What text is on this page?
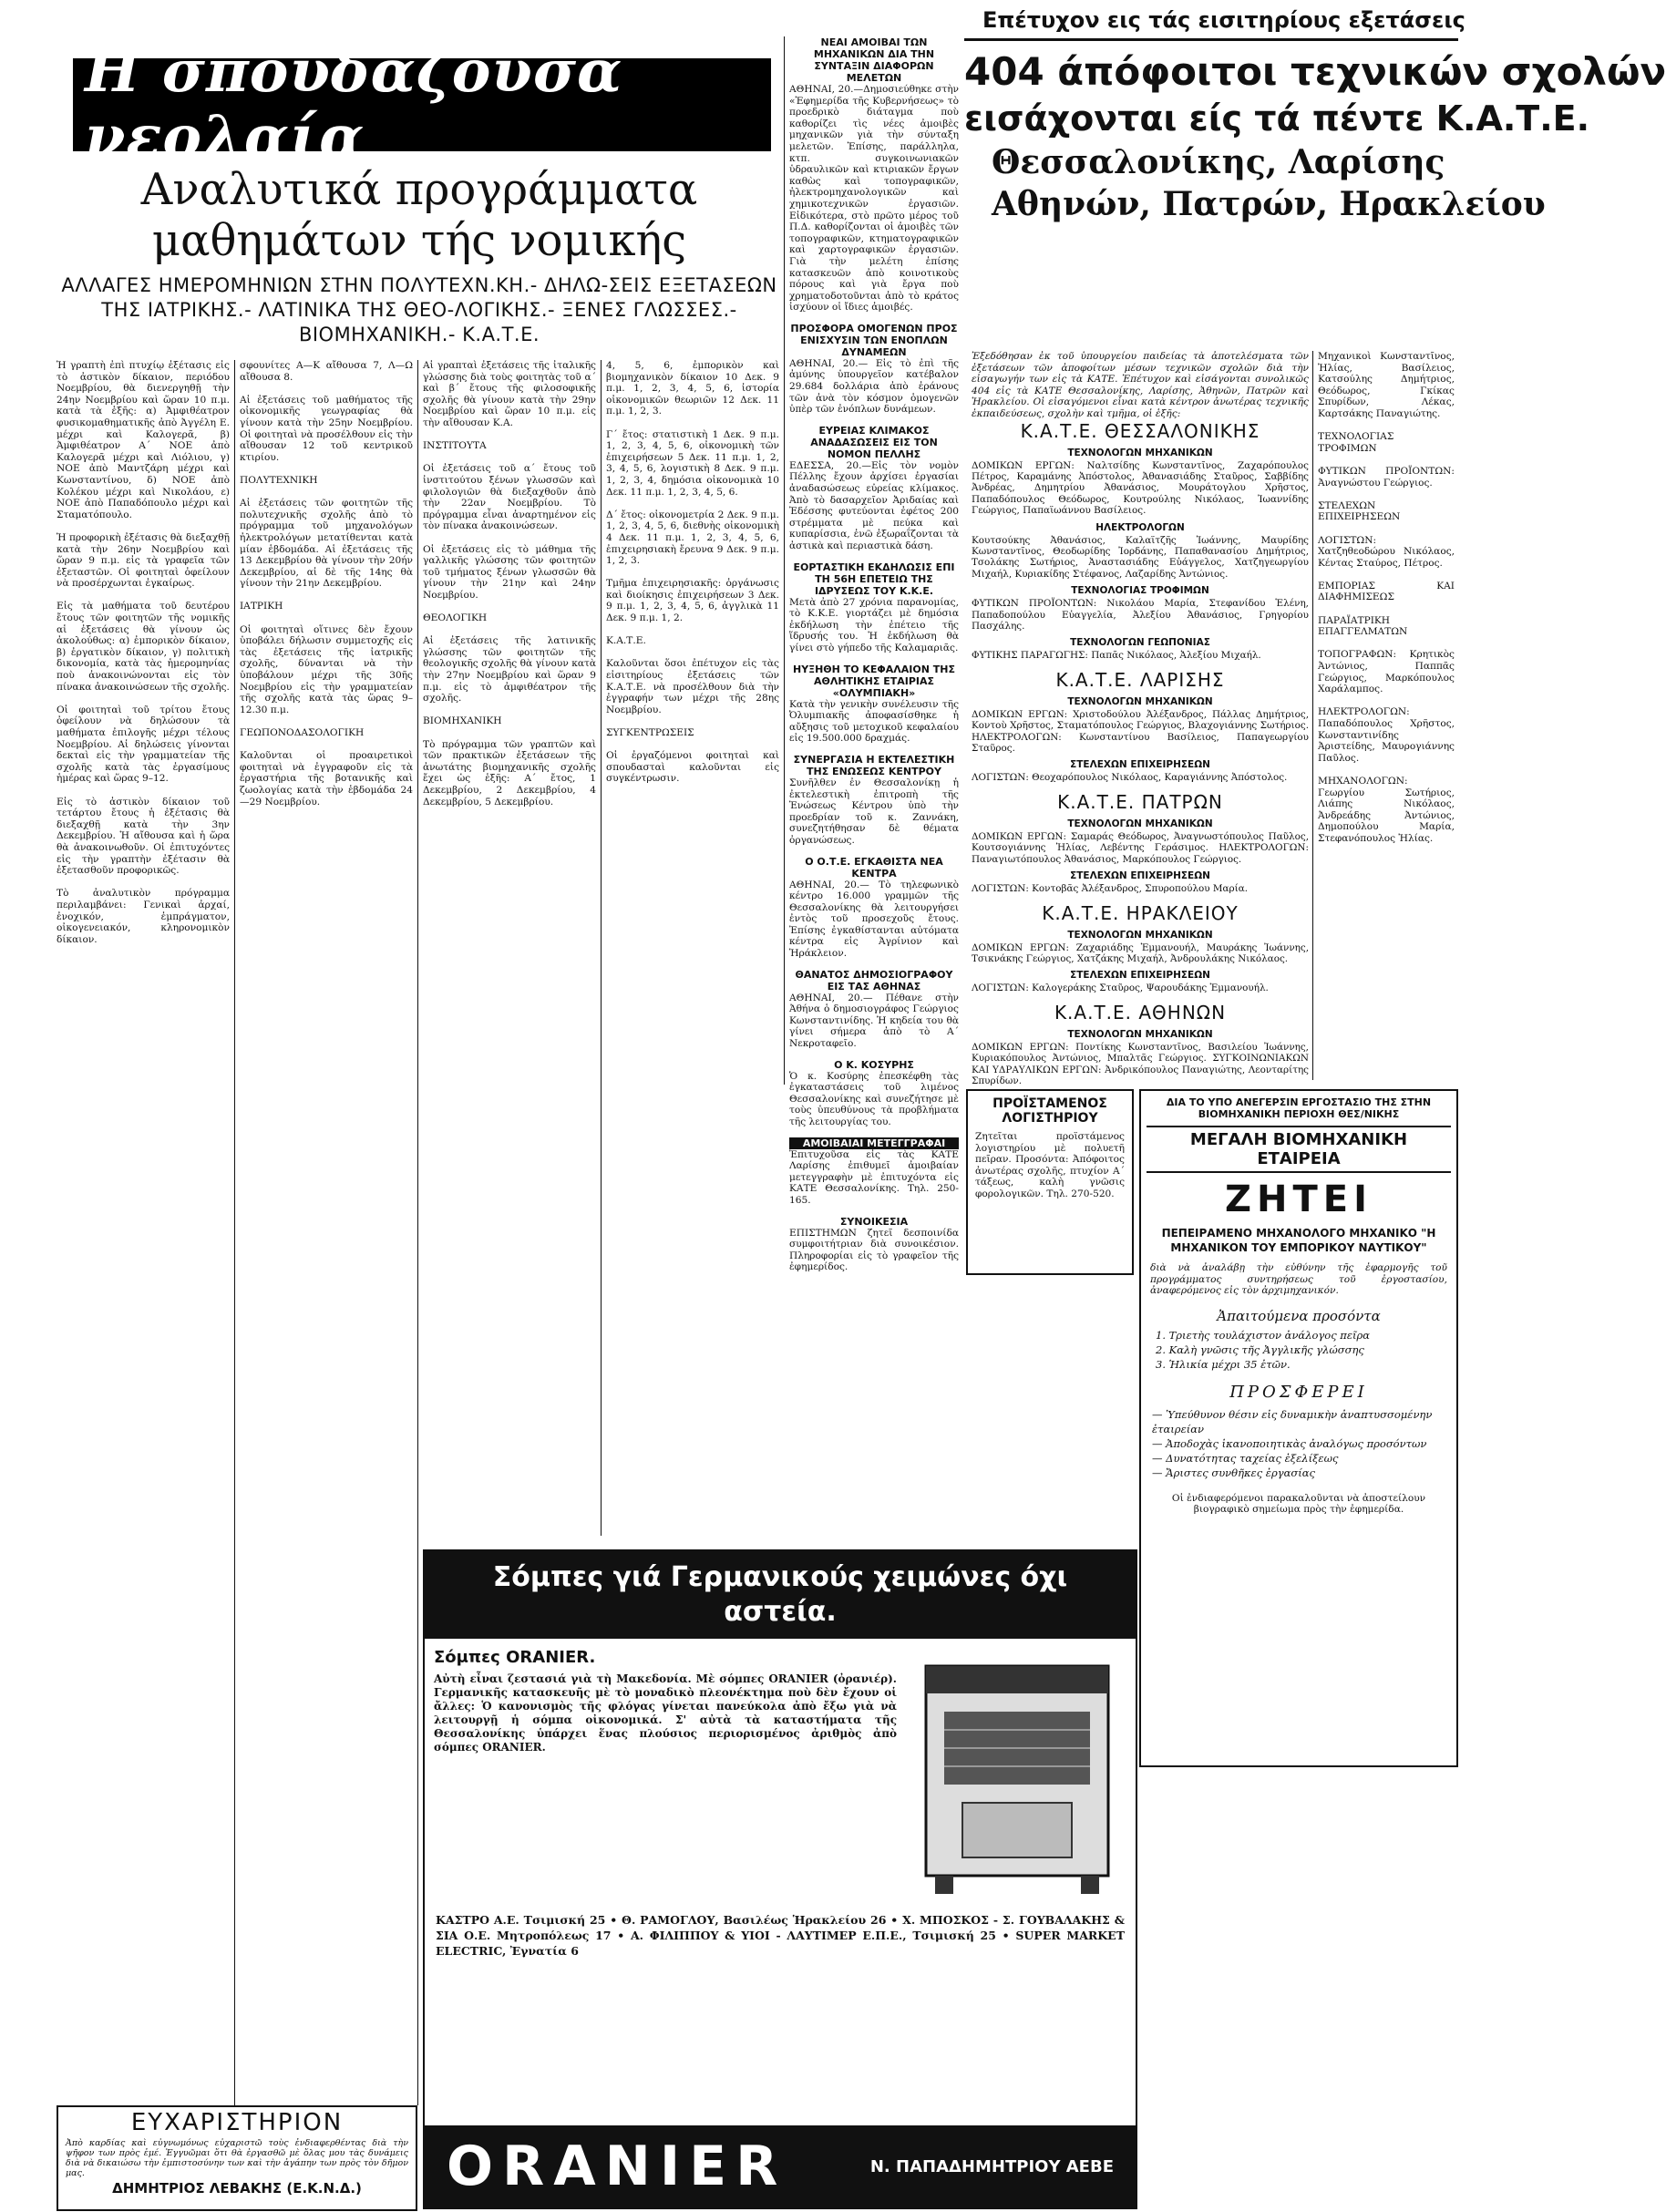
Η σπουδάζουσα νεολαία
Αναλυτικά προγράμματα
μαθημάτων τής νομικής
ΑΛΛΑΓΕΣ ΗΜΕΡΟΜΗΝΙΩΝ ΣΤΗΝ ΠΟΛΥΤΕΧΝ.ΚΗ.- ΔΗΛΩ-ΣΕΙΣ ΕΞΕΤΑΣΕΩΝ ΤΗΣ ΙΑΤΡΙΚΗΣ.- ΛΑΤΙΝΙΚΑ ΤΗΣ ΘΕΟ-ΛΟΓΙΚΗΣ.- ΞΕΝΕΣ ΓΛΩΣΣΕΣ.- ΒΙΟΜΗΧΑΝΙΚΗ.- Κ.Α.Τ.Ε.
Ἡ γραπτὴ ἐπὶ πτυχίῳ ἐξέτασις εἰς τὸ ἀστικὸν δίκαιον, περιόδου Νοεμβρίου, θὰ διενεργηθῇ τὴν 24ην Νοεμβρίου καὶ ὥραν 10 π.μ. κατὰ τὰ ἑξῆς: α) Ἀμφιθέατρον φυσικομαθηματικῆς ἀπὸ Ἀγγέλη Ε. μέχρι καὶ Καλογερᾶ, β) Ἀμφιθέατρον Α΄ ΝΟΕ ἀπὸ Καλογερᾶ μέχρι καὶ Λιόλιου, γ) ΝΟΕ ἀπὸ Μαντζάρη μέχρι καὶ Κωνσταντίνου, δ) ΝΟΕ ἀπὸ Κολέκου μέχρι καὶ Νικολάου, ε) ΝΟΕ ἀπὸ Παπαδόπουλο μέχρι καὶ Σταματόπουλο.

Ἡ προφορικὴ ἐξέτασις θὰ διεξαχθῇ κατὰ τὴν 26ην Νοεμβρίου καὶ ὥραν 9 π.μ. εἰς τὰ γραφεῖα τῶν ἐξεταστῶν. Οἱ φοιτηταὶ ὀφείλουν νὰ προσέρχωνται ἐγκαίρως.

Εἰς τὰ μαθήματα τοῦ δευτέρου ἔτους τῶν φοιτητῶν τῆς νομικῆς αἱ ἐξετάσεις θὰ γίνουν ὡς ἀκολούθως: α) ἐμπορικὸν δίκαιον, β) ἐργατικὸν δίκαιον, γ) πολιτικὴ δικονομία, κατὰ τὰς ἡμερομηνίας ποὺ ἀνακοινώνονται εἰς τὸν πίνακα ἀνακοινώσεων τῆς σχολῆς.

Οἱ φοιτηταὶ τοῦ τρίτου ἔτους ὀφείλουν νὰ δηλώσουν τὰ μαθήματα ἐπιλογῆς μέχρι τέλους Νοεμβρίου. Αἱ δηλώσεις γίνονται δεκταὶ εἰς τὴν γραμματείαν τῆς σχολῆς κατὰ τὰς ἐργασίμους ἡμέρας καὶ ὥρας 9–12.

Εἰς τὸ ἀστικὸν δίκαιον τοῦ τετάρτου ἔτους ἡ ἐξέτασις θὰ διεξαχθῇ κατὰ τὴν 3ην Δεκεμβρίου. Ἡ αἴθουσα καὶ ἡ ὥρα θὰ ἀνακοινωθοῦν. Οἱ ἐπιτυχόντες εἰς τὴν γραπτὴν ἐξέτασιν θὰ ἐξετασθοῦν προφορικῶς.

Τὸ ἀναλυτικὸν πρόγραμμα περιλαμβάνει: Γενικαὶ ἀρχαί, ἐνοχικόν, ἐμπράγματον, οἰκογενειακόν, κληρονομικὸν δίκαιον.
σφουνίτες Α—Κ αἴθουσα 7, Λ—Ω αἴθουσα 8.

Αἱ ἐξετάσεις τοῦ μαθήματος τῆς οἰκονομικῆς γεωγραφίας θὰ γίνουν κατὰ τὴν 25ην Νοεμβρίου. Οἱ φοιτηταὶ νὰ προσέλθουν εἰς τὴν αἴθουσαν 12 τοῦ κεντρικοῦ κτιρίου.

ΠΟΛΥΤΕΧΝΙΚΗ

Αἱ ἐξετάσεις τῶν φοιτητῶν τῆς πολυτεχνικῆς σχολῆς ἀπὸ τὸ πρόγραμμα τοῦ μηχανολόγων ἠλεκτρολόγων μετατίθενται κατὰ μίαν ἑβδομάδα. Αἱ ἐξετάσεις τῆς 13 Δεκεμβρίου θὰ γίνουν τὴν 20ήν Δεκεμβρίου, αἱ δὲ τῆς 14ης θὰ γίνουν τὴν 21ην Δεκεμβρίου.

ΙΑΤΡΙΚΗ

Οἱ φοιτηταὶ οἵτινες δὲν ἔχουν ὑποβάλει δήλωσιν συμμετοχῆς εἰς τὰς ἐξετάσεις τῆς ἰατρικῆς σχολῆς, δύνανται νὰ τὴν ὑποβάλουν μέχρι τῆς 30ῆς Νοεμβρίου εἰς τὴν γραμματείαν τῆς σχολῆς κατὰ τὰς ὥρας 9–12.30 π.μ.

ΓΕΩΠΟΝΟΔΑΣΟΛΟΓΙΚΗ

Καλοῦνται οἱ προαιρετικοὶ φοιτηταὶ νὰ ἐγγραφοῦν εἰς τὰ ἐργαστήρια τῆς βοτανικῆς καὶ ζωολογίας κατὰ τὴν ἑβδομάδα 24—29 Νοεμβρίου.
Αἱ γραπταὶ ἐξετάσεις τῆς ἰταλικῆς γλώσσης διὰ τοὺς φοιτητὰς τοῦ α΄ καὶ β΄ ἔτους τῆς φιλοσοφικῆς σχολῆς θὰ γίνουν κατὰ τὴν 29ην Νοεμβρίου καὶ ὥραν 10 π.μ. εἰς τὴν αἴθουσαν Κ.Α.

ΙΝΣΤΙΤΟΥΤΑ

Οἱ ἐξετάσεις τοῦ α΄ ἔτους τοῦ ἰνστιτούτου ξένων γλωσσῶν καὶ φιλολογιῶν θὰ διεξαχθοῦν ἀπὸ τὴν 22αν Νοεμβρίου. Τὸ πρόγραμμα εἶναι ἀναρτημένον εἰς τὸν πίνακα ἀνακοινώσεων.

Οἱ ἐξετάσεις εἰς τὸ μάθημα τῆς γαλλικῆς γλώσσης τῶν φοιτητῶν τοῦ τμήματος ξένων γλωσσῶν θὰ γίνουν τὴν 21ην καὶ 24ην Νοεμβρίου.

ΘΕΟΛΟΓΙΚΗ

Αἱ ἐξετάσεις τῆς λατινικῆς γλώσσης τῶν φοιτητῶν τῆς θεολογικῆς σχολῆς θὰ γίνουν κατὰ τὴν 27ην Νοεμβρίου καὶ ὥραν 9 π.μ. εἰς τὸ ἀμφιθέατρον τῆς σχολῆς.

ΒΙΟΜΗΧΑΝΙΚΗ

Τὸ πρόγραμμα τῶν γραπτῶν καὶ τῶν πρακτικῶν ἐξετάσεων τῆς ἀνωτάτης βιομηχανικῆς σχολῆς ἔχει ὡς ἑξῆς: Α΄ ἔτος, 1 Δεκεμβρίου, 2 Δεκεμβρίου, 4 Δεκεμβρίου, 5 Δεκεμβρίου.
4, 5, 6, ἐμπορικὸν καὶ βιομηχανικὸν δίκαιον 10 Δεκ. 9 π.μ. 1, 2, 3, 4, 5, 6, ἱστορία οἰκονομικῶν θεωριῶν 12 Δεκ. 11 π.μ. 1, 2, 3.

Γ΄ ἔτος: στατιστικὴ 1 Δεκ. 9 π.μ. 1, 2, 3, 4, 5, 6, οἰκονομικὴ τῶν ἐπιχειρήσεων 5 Δεκ. 11 π.μ. 1, 2, 3, 4, 5, 6, λογιστικὴ 8 Δεκ. 9 π.μ. 1, 2, 3, 4, δημόσια οἰκονομικὰ 10 Δεκ. 11 π.μ. 1, 2, 3, 4, 5, 6.

Δ΄ ἔτος: οἰκονομετρία 2 Δεκ. 9 π.μ. 1, 2, 3, 4, 5, 6, διεθνὴς οἰκονομικὴ 4 Δεκ. 11 π.μ. 1, 2, 3, 4, 5, 6, ἐπιχειρησιακὴ ἔρευνα 9 Δεκ. 9 π.μ. 1, 2, 3.

Τμῆμα ἐπιχειρησιακῆς: ὀργάνωσις καὶ διοίκησις ἐπιχειρήσεων 3 Δεκ. 9 π.μ. 1, 2, 3, 4, 5, 6, ἀγγλικὰ 11 Δεκ. 9 π.μ. 1, 2.

Κ.Α.Τ.Ε.

Καλοῦνται ὅσοι ἐπέτυχον εἰς τὰς εἰσιτηρίους ἐξετάσεις τῶν Κ.Α.Τ.Ε. νὰ προσέλθουν διὰ τὴν ἐγγραφήν των μέχρι τῆς 28ης Νοεμβρίου.

ΣΥΓΚΕΝΤΡΩΣΕΙΣ

Οἱ ἐργαζόμενοι φοιτηταὶ καὶ σπουδασταὶ καλοῦνται εἰς συγκέντρωσιν.
ΝΕΑΙ ΑΜΟΙΒΑΙ ΤΩΝ ΜΗΧΑΝΙΚΩΝ ΔΙΑ ΤΗΝ ΣΥΝΤΑΞΙΝ ΔΙΑΦΟΡΩΝ ΜΕΛΕΤΩΝ
ΑΘΗΝΑΙ, 20.—Δημοσιεύθηκε στὴν «Ἐφημερίδα τῆς Κυβερνήσεως» τὸ προεδρικὸ διάταγμα ποὺ καθορίζει τὶς νέες ἀμοιβὲς μηχανικῶν γιὰ τὴν σύνταξη μελετῶν. Ἐπίσης, παράλληλα, κτπ. συγκοινωνιακῶν ὑδραυλικῶν καὶ κτιριακῶν ἔργων καθὼς καὶ τοπογραφικῶν, ἠλεκτρομηχανολογικῶν καὶ χημικοτεχνικῶν ἐργασιῶν. Εἰδικότερα, στὸ πρῶτο μέρος τοῦ Π.Δ. καθορίζονται οἱ ἀμοιβὲς τῶν τοπογραφικῶν, κτηματογραφικῶν καὶ χαρτογραφικῶν ἐργασιῶν. Γιὰ τὴν μελέτη ἐπίσης κατασκευῶν ἀπὸ κοινοτικοὺς πόρους καὶ γιὰ ἔργα ποὺ χρηματοδοτοῦνται ἀπὸ τὸ κράτος ἰσχύουν οἱ ἴδιες ἀμοιβές.
ΠΡΟΣΦΟΡΑ ΟΜΟΓΕΝΩΝ ΠΡΟΣ ΕΝΙΣΧΥΣΙΝ ΤΩΝ ΕΝΟΠΛΩΝ ΔΥΝΑΜΕΩΝ
ΑΘΗΝΑΙ, 20.— Εἰς τὸ ἐπὶ τῆς ἀμύνης ὑπουργεῖον κατέβαλον 29.684 δολλάρια ἀπὸ ἐράνους τῶν ἀνὰ τὸν κόσμον ὁμογενῶν ὑπὲρ τῶν ἐνόπλων δυνάμεων.
ΕΥΡΕΙΑΣ ΚΛΙΜΑΚΟΣ ΑΝΑΔΑΣΩΣΕΙΣ ΕΙΣ ΤΟΝ ΝΟΜΟΝ ΠΕΛΛΗΣ
ΕΔΕΣΣΑ, 20.—Εἰς τὸν νομὸν Πέλλης ἔχουν ἀρχίσει ἐργασίαι ἀναδασώσεως εὐρείας κλίμακος. Ἀπὸ τὸ δασαρχεῖον Ἀριδαίας καὶ Ἐδέσσης φυτεύονται ἐφέτος 200 στρέμματα μὲ πεύκα καὶ κυπαρίσσια, ἐνῶ ἐξωραΐζονται τὰ ἀστικὰ καὶ περιαστικὰ δάση.
ΕΟΡΤΑΣΤΙΚΗ ΕΚΔΗΛΩΣΙΣ ΕΠΙ ΤΗ 56Η ΕΠΕΤΕΙΩ ΤΗΣ ΙΔΡΥΣΕΩΣ ΤΟΥ Κ.Κ.Ε.
Μετὰ ἀπὸ 27 χρόνια παρανομίας, τὸ Κ.Κ.Ε. γιορτάζει μὲ δημόσια ἐκδήλωση τὴν ἐπέτειο τῆς ἵδρυσής του. Ἡ ἐκδήλωση θὰ γίνει στὸ γήπεδο τῆς Καλαμαριᾶς.
ΗΥΞΗΘΗ ΤΟ ΚΕΦΑΛΑΙΟΝ ΤΗΣ ΑΘΛΗΤΙΚΗΣ ΕΤΑΙΡΙΑΣ «ΟΛΥΜΠΙΑΚΗ»
Κατὰ τὴν γενικὴν συνέλευσιν τῆς Ὀλυμπιακῆς ἀποφασίσθηκε ἡ αὔξησις τοῦ μετοχικοῦ κεφαλαίου εἰς 19.500.000 δραχμάς.
ΣΥΝΕΡΓΑΣΙΑ Η ΕΚΤΕΛΕΣΤΙΚΗ ΤΗΣ ΕΝΩΣΕΩΣ ΚΕΝΤΡΟΥ
Συνῆλθεν ἐν Θεσσαλονίκῃ ἡ ἐκτελεστικὴ ἐπιτροπὴ τῆς Ἑνώσεως Κέντρου ὑπὸ τὴν προεδρίαν τοῦ κ. Ζαννάκη, συνεζητήθησαν δὲ θέματα ὀργανώσεως.
Ο Ο.Τ.Ε. ΕΓΚΑΘΙΣΤΑ ΝΕΑ ΚΕΝΤΡΑ
ΑΘΗΝΑΙ, 20.— Τὸ τηλεφωνικὸ κέντρο 16.000 γραμμῶν τῆς Θεσσαλονίκης θὰ λειτουργήσει ἐντὸς τοῦ προσεχοῦς ἔτους. Ἐπίσης ἐγκαθίστανται αὐτόματα κέντρα εἰς Ἀγρίνιον καὶ Ἡράκλειον.
ΘΑΝΑΤΟΣ ΔΗΜΟΣΙΟΓΡΑΦΟΥ ΕΙΣ ΤΑΣ ΑΘΗΝΑΣ
ΑΘΗΝΑΙ, 20.— Πέθανε στὴν Ἀθήνα ὁ δημοσιογράφος Γεώργιος Κωνσταντινίδης. Ἡ κηδεία του θὰ γίνει σήμερα ἀπὸ τὸ Α΄ Νεκροταφεῖο.
Ο Κ. ΚΟΣΥΡΗΣ
Ὁ κ. Κοσύρης ἐπεσκέφθη τὰς ἐγκαταστάσεις τοῦ λιμένος Θεσσαλονίκης καὶ συνεζήτησε μὲ τοὺς ὑπευθύνους τὰ προβλήματα τῆς λειτουργίας του.
ΑΜΟΙΒΑΙΑΙ ΜΕΤΕΓΓΡΑΦΑΙ
Ἐπιτυχοῦσα εἰς τὰς ΚΑΤΕ Λαρίσης ἐπιθυμεῖ ἀμοιβαίαν μετεγγραφὴν μὲ ἐπιτυχόντα εἰς ΚΑΤΕ Θεσσαλονίκης. Τηλ. 250-165.
ΣΥΝΟΙΚΕΣΙΑ
ΕΠΙΣΤΗΜΩΝ ζητεῖ δεσποινίδα συμφοιτήτριαν διὰ συνοικέσιον. Πληροφορίαι εἰς τὸ γραφεῖον τῆς ἐφημερίδος.
Επέτυχον εις τάς εισιτηρίους εξετάσεις
404 άπόφοιτοι τεχνικών σχολών
εισάχονται είς τά πέντε Κ.Α.Τ.Ε.
Θεσσαλονίκης, Λαρίσης
Αθηνών, Πατρών, Ηρακλείου
Ἐξεδόθησαν ἐκ τοῦ ὑπουργείου παιδείας τὰ ἀποτελέσματα τῶν ἐξετάσεων τῶν ἀποφοίτων μέσων τεχνικῶν σχολῶν διὰ τὴν εἰσαγωγήν των εἰς τὰ ΚΑΤΕ. Ἐπέτυχον καὶ εἰσάγονται συνολικῶς 404 εἰς τὰ ΚΑΤΕ Θεσσαλονίκης, Λαρίσης, Ἀθηνῶν, Πατρῶν καὶ Ἡρακλείου. Οἱ εἰσαγόμενοι εἶναι κατὰ κέντρον ἀνωτέρας τεχνικῆς ἐκπαιδεύσεως, σχολὴν καὶ τμῆμα, οἱ ἑξῆς:
Κ.Α.Τ.Ε. ΘΕΣΣΑΛΟΝΙΚΗΣ
ΤΕΧΝΟΛΟΓΩΝ ΜΗΧΑΝΙΚΩΝ
ΔΟΜΙΚΩΝ ΕΡΓΩΝ: Ναλτσίδης Κωνσταντῖνος, Ζαχαρόπουλος Πέτρος, Καραμάνης Ἀπόστολος, Ἀθανασιάδης Σταῦρος, Σαββίδης Ἀνδρέας, Δημητρίου Ἀθανάσιος, Μουράτογλου Χρῆστος, Παπαδόπουλος Θεόδωρος, Κουτρούλης Νικόλαος, Ἰωαννίδης Γεώργιος, Παπαϊωάννου Βασίλειος.
ΗΛΕΚΤΡΟΛΟΓΩΝ
Κουτσούκης Ἀθανάσιος, Καλαϊτζῆς Ἰωάννης, Μαυρίδης Κωνσταντῖνος, Θεοδωρίδης Ἰορδάνης, Παπαθανασίου Δημήτριος, Τσολάκης Σωτήριος, Ἀναστασιάδης Εὐάγγελος, Χατζηγεωργίου Μιχαήλ, Κυριακίδης Στέφανος, Λαζαρίδης Ἀντώνιος.
ΤΕΧΝΟΛΟΓΙΑΣ ΤΡΟΦΙΜΩΝ
ΦΥΤΙΚΩΝ ΠΡΟΪΟΝΤΩΝ: Νικολάου Μαρία, Στεφανίδου Ἑλένη, Παπαδοπούλου Εὐαγγελία, Ἀλεξίου Ἀθανάσιος, Γρηγορίου Πασχάλης.
ΤΕΧΝΟΛΟΓΩΝ ΓΕΩΠΟΝΙΑΣ
ΦΥΤΙΚΗΣ ΠΑΡΑΓΩΓΗΣ: Παπᾶς Νικόλαος, Ἀλεξίου Μιχαήλ.
Κ.Α.Τ.Ε. ΛΑΡΙΣΗΣ
ΤΕΧΝΟΛΟΓΩΝ ΜΗΧΑΝΙΚΩΝ
ΔΟΜΙΚΩΝ ΕΡΓΩΝ: Χριστοδούλου Ἀλέξανδρος, Πάλλας Δημήτριος, Κοντοὺ Χρῆστος, Σταματόπουλος Γεώργιος, Βλαχογιάννης Σωτήριος. ΗΛΕΚΤΡΟΛΟΓΩΝ: Κωνσταντίνου Βασίλειος, Παπαγεωργίου Σταῦρος.
ΣΤΕΛΕΧΩΝ ΕΠΙΧΕΙΡΗΣΕΩΝ
ΛΟΓΙΣΤΩΝ: Θεοχαρόπουλος Νικόλαος, Καραγιάννης Ἀπόστολος.
Κ.Α.Τ.Ε. ΠΑΤΡΩΝ
ΤΕΧΝΟΛΟΓΩΝ ΜΗΧΑΝΙΚΩΝ
ΔΟΜΙΚΩΝ ΕΡΓΩΝ: Σαμαράς Θεόδωρος, Ἀναγνωστόπουλος Παῦλος, Κουτσογιάννης Ἠλίας, Λεβέντης Γεράσιμος. ΗΛΕΚΤΡΟΛΟΓΩΝ: Παναγιωτόπουλος Ἀθανάσιος, Μαρκόπουλος Γεώργιος.
ΣΤΕΛΕΧΩΝ ΕΠΙΧΕΙΡΗΣΕΩΝ
ΛΟΓΙΣΤΩΝ: Κοντοβᾶς Ἀλέξανδρος, Σπυροπούλου Μαρία.
Κ.Α.Τ.Ε. ΗΡΑΚΛΕΙΟΥ
ΤΕΧΝΟΛΟΓΩΝ ΜΗΧΑΝΙΚΩΝ
ΔΟΜΙΚΩΝ ΕΡΓΩΝ: Ζαχαριάδης Ἐμμανουήλ, Μαυράκης Ἰωάννης, Τσικνάκης Γεώργιος, Χατζάκης Μιχαήλ, Ἀνδρουλάκης Νικόλαος.
ΣΤΕΛΕΧΩΝ ΕΠΙΧΕΙΡΗΣΕΩΝ
ΛΟΓΙΣΤΩΝ: Καλογεράκης Σταῦρος, Ψαρουδάκης Ἐμμανουήλ.
Κ.Α.Τ.Ε. ΑΘΗΝΩΝ
ΤΕΧΝΟΛΟΓΩΝ ΜΗΧΑΝΙΚΩΝ
ΔΟΜΙΚΩΝ ΕΡΓΩΝ: Ποντίκης Κωνσταντῖνος, Βασιλείου Ἰωάννης, Κυριακόπουλος Ἀντώνιος, Μπαλτᾶς Γεώργιος. ΣΥΓΚΟΙΝΩΝΙΑΚΩΝ ΚΑΙ ΥΔΡΑΥΛΙΚΩΝ ΕΡΓΩΝ: Ἀνδρικόπουλος Παναγιώτης, Λεονταρίτης Σπυρίδων.
Μηχανικοὶ Κωνσταντῖνος, Ἠλίας, Βασίλειος, Κατσούλης Δημήτριος, Θεόδωρος, Γκίκας Σπυρίδων, Λέκας, Καρτσάκης Παναγιώτης.

ΤΕΧΝΟΛΟΓΙΑΣ ΤΡΟΦΙΜΩΝ

ΦΥΤΙΚΩΝ ΠΡΟΪΟΝΤΩΝ: Ἀναγνώστου Γεώργιος.

ΣΤΕΛΕΧΩΝ ΕΠΙΧΕΙΡΗΣΕΩΝ

ΛΟΓΙΣΤΩΝ: Χατζηθεοδώρου Νικόλαος, Κέντας Σταύρος, Πέτρος.

ΕΜΠΟΡΙΑΣ ΚΑΙ ΔΙΑΦΗΜΙΣΕΩΣ

ΠΑΡΑΪΑΤΡΙΚΗ ΕΠΑΓΓΕΛΜΑΤΩΝ

ΤΟΠΟΓΡΑΦΩΝ: Κρητικὸς Ἀντώνιος, Παππᾶς Γεώργιος, Μαρκόπουλος Χαράλαμπος.

ΗΛΕΚΤΡΟΛΟΓΩΝ: Παπαδόπουλος Χρῆστος, Κωνσταντινίδης Ἀριστείδης, Μαυρογιάννης Παῦλος.

ΜΗΧΑΝΟΛΟΓΩΝ: Γεωργίου Σωτήριος, Λιάπης Νικόλαος, Ἀνδρεάδης Ἀντώνιος, Δημοπούλου Μαρία, Στεφανόπουλος Ἠλίας.
ΠΡΟΪΣΤΑΜΕΝΟΣ
ΛΟΓΙΣΤΗΡΙΟΥ
Ζητεῖται προϊστάμενος λογιστηρίου μὲ πολυετῆ πεῖραν. Προσόντα: Ἀπόφοιτος ἀνωτέρας σχολῆς, πτυχίον Α΄ τάξεως, καλὴ γνῶσις φορολογικῶν. Τηλ. 270-520.
ΔΙΑ ΤΟ ΥΠΟ ΑΝΕΓΕΡΣΙΝ ΕΡΓΟΣΤΑΣΙΟ ΤΗΣ ΣΤΗΝ ΒΙΟΜΗΧΑΝΙΚΗ ΠΕΡΙΟΧΗ ΘΕΣ/ΝΙΚΗΣ
ΜΕΓΑΛΗ ΒΙΟΜΗΧΑΝΙΚΗ ΕΤΑΙΡΕΙΑ
ΖΗΤΕΙ
ΠΕΠΕΙΡΑΜΕΝΟ ΜΗΧΑΝΟΛΟΓΟ ΜΗΧΑΝΙΚΟ "Η ΜΗΧΑΝΙΚΟΝ ΤΟΥ ΕΜΠΟΡΙΚΟΥ ΝΑΥΤΙΚΟΥ"
διὰ νὰ ἀναλάβῃ τὴν εὐθύνην τῆς ἐφαρμογῆς τοῦ προγράμματος συντηρήσεως τοῦ ἐργοστασίου, ἀναφερόμενος εἰς τὸν ἀρχιμηχανικόν.
Ἀπαιτούμενα προσόντα
1. Τριετὴς τουλάχιστον ἀνάλογος πεῖρα
2. Καλὴ γνῶσις τῆς Ἀγγλικῆς γλώσσης
3. Ἡλικία μέχρι 35 ἐτῶν.
ΠΡΟΣΦΕΡΕΙ
— Ὑπεύθυνον θέσιν εἰς δυναμικὴν ἀναπτυσσομένην ἐταιρείαν
— Ἀποδοχὰς ἱκανοποιητικὰς ἀναλόγως προσόντων
— Δυνατότητας ταχείας ἐξελίξεως
— Ἄριστες συνθῆκες ἐργασίας
Οἱ ἐνδιαφερόμενοι παρακαλοῦνται νὰ ἀποστείλουν βιογραφικὸ σημείωμα πρὸς τὴν ἐφημερίδα.
Σόμπες γιά Γερμανικούς χειμώνες όχι αστεία.
Σόμπες ORANIER.
Αὐτὴ εἶναι ζεστασιά γιὰ τὴ Μακεδονία. Μὲ σόμπες ORANIER (ὀρανιέρ). Γερμανικῆς κατασκευῆς μὲ τὸ μοναδικὸ πλεονέκτημα ποὺ δὲν ἔχουν οἱ ἄλλες: Ὁ κανονισμὸς τῆς φλόγας γίνεται πανεύκολα ἀπὸ ἔξω γιὰ νὰ λειτουργῇ ἡ σόμπα οἰκονομικά. Σ' αὐτὰ τὰ καταστήματα τῆς Θεσσαλονίκης ὑπάρχει ἕνας πλούσιος περιορισμένος ἀριθμὸς ἀπὸ σόμπες ORANIER.
ΚΑΣΤΡΟ Α.Ε. Τσιμισκή 25 • Θ. ΡΑΜΟΓΛΟΥ, Βασιλέως Ἡρακλείου 26 • Χ. ΜΠΟΣΚΟΣ - Σ. ΓΟΥΒΑΛΑΚΗΣ & ΣΙΑ Ο.Ε. Μητροπόλεως 17 • Α. ΦΙΛΙΠΠΟΥ & ΥΙΟΙ - ΛΑΥΤΙΜΕΡ Ε.Π.Ε., Τσιμισκή 25 • SUPER MARKET ELECTRIC, Ἐγνατία 6
ORANIER	Ν. ΠΑΠΑΔΗΜΗΤΡΙΟΥ ΑΕΒΕ
ΕΥΧΑΡΙΣΤΗΡΙΟΝ
Ἀπὸ καρδίας καὶ εὐγνωμόνως εὐχαριστῶ τοὺς ἐνδιαφερθέντας διὰ τὴν ψῆφον των πρὸς ἐμέ. Ἐγγυῶμαι ὅτι θὰ ἐργασθῶ μὲ ὅλας μου τὰς δυνάμεις διὰ νὰ δικαιώσω τὴν ἐμπιστοσύνην των καὶ τὴν ἀγάπην των πρὸς τὸν δῆμον μας.
ΔΗΜΗΤΡΙΟΣ ΛΕΒΑΚΗΣ (Ε.Κ.Ν.Δ.)
